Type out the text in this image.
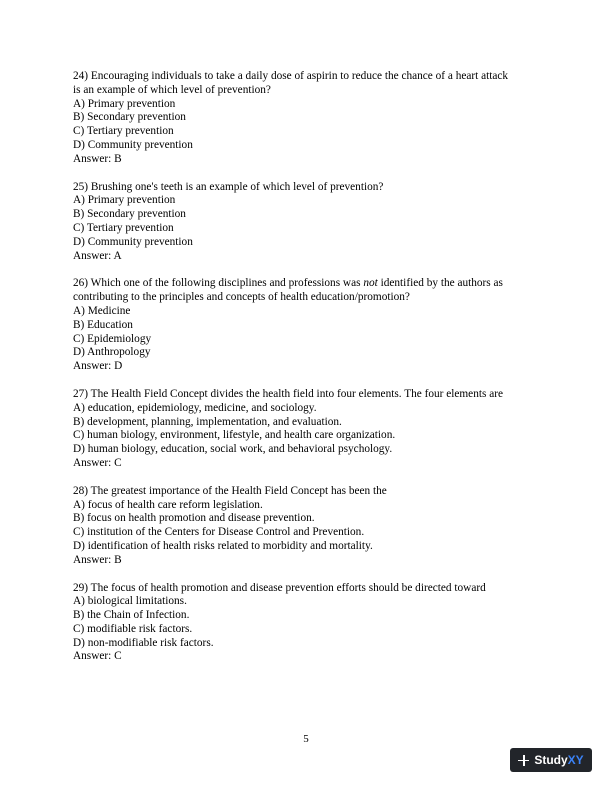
24) Encouraging individuals to take a daily dose of aspirin to reduce the chance of a heart attack
is an example of which level of prevention?
A) Primary prevention
B) Secondary prevention
C) Tertiary prevention
D) Community prevention
Answer: B
25) Brushing one's teeth is an example of which level of prevention?
A) Primary prevention
B) Secondary prevention
C) Tertiary prevention
D) Community prevention
Answer: A
26) Which one of the following disciplines and professions was not identified by the authors as
contributing to the principles and concepts of health education/promotion?
A) Medicine
B) Education
C) Epidemiology
D) Anthropology
Answer: D
27) The Health Field Concept divides the health field into four elements. The four elements are
A) education, epidemiology, medicine, and sociology.
B) development, planning, implementation, and evaluation.
C) human biology, environment, lifestyle, and health care organization.
D) human biology, education, social work, and behavioral psychology.
Answer: C
28) The greatest importance of the Health Field Concept has been the
A) focus of health care reform legislation.
B) focus on health promotion and disease prevention.
C) institution of the Centers for Disease Control and Prevention.
D) identification of health risks related to morbidity and mortality.
Answer: B
29) The focus of health promotion and disease prevention efforts should be directed toward
A) biological limitations.
B) the Chain of Infection.
C) modifiable risk factors.
D) non-modifiable risk factors.
Answer: C
5
StudyXY
